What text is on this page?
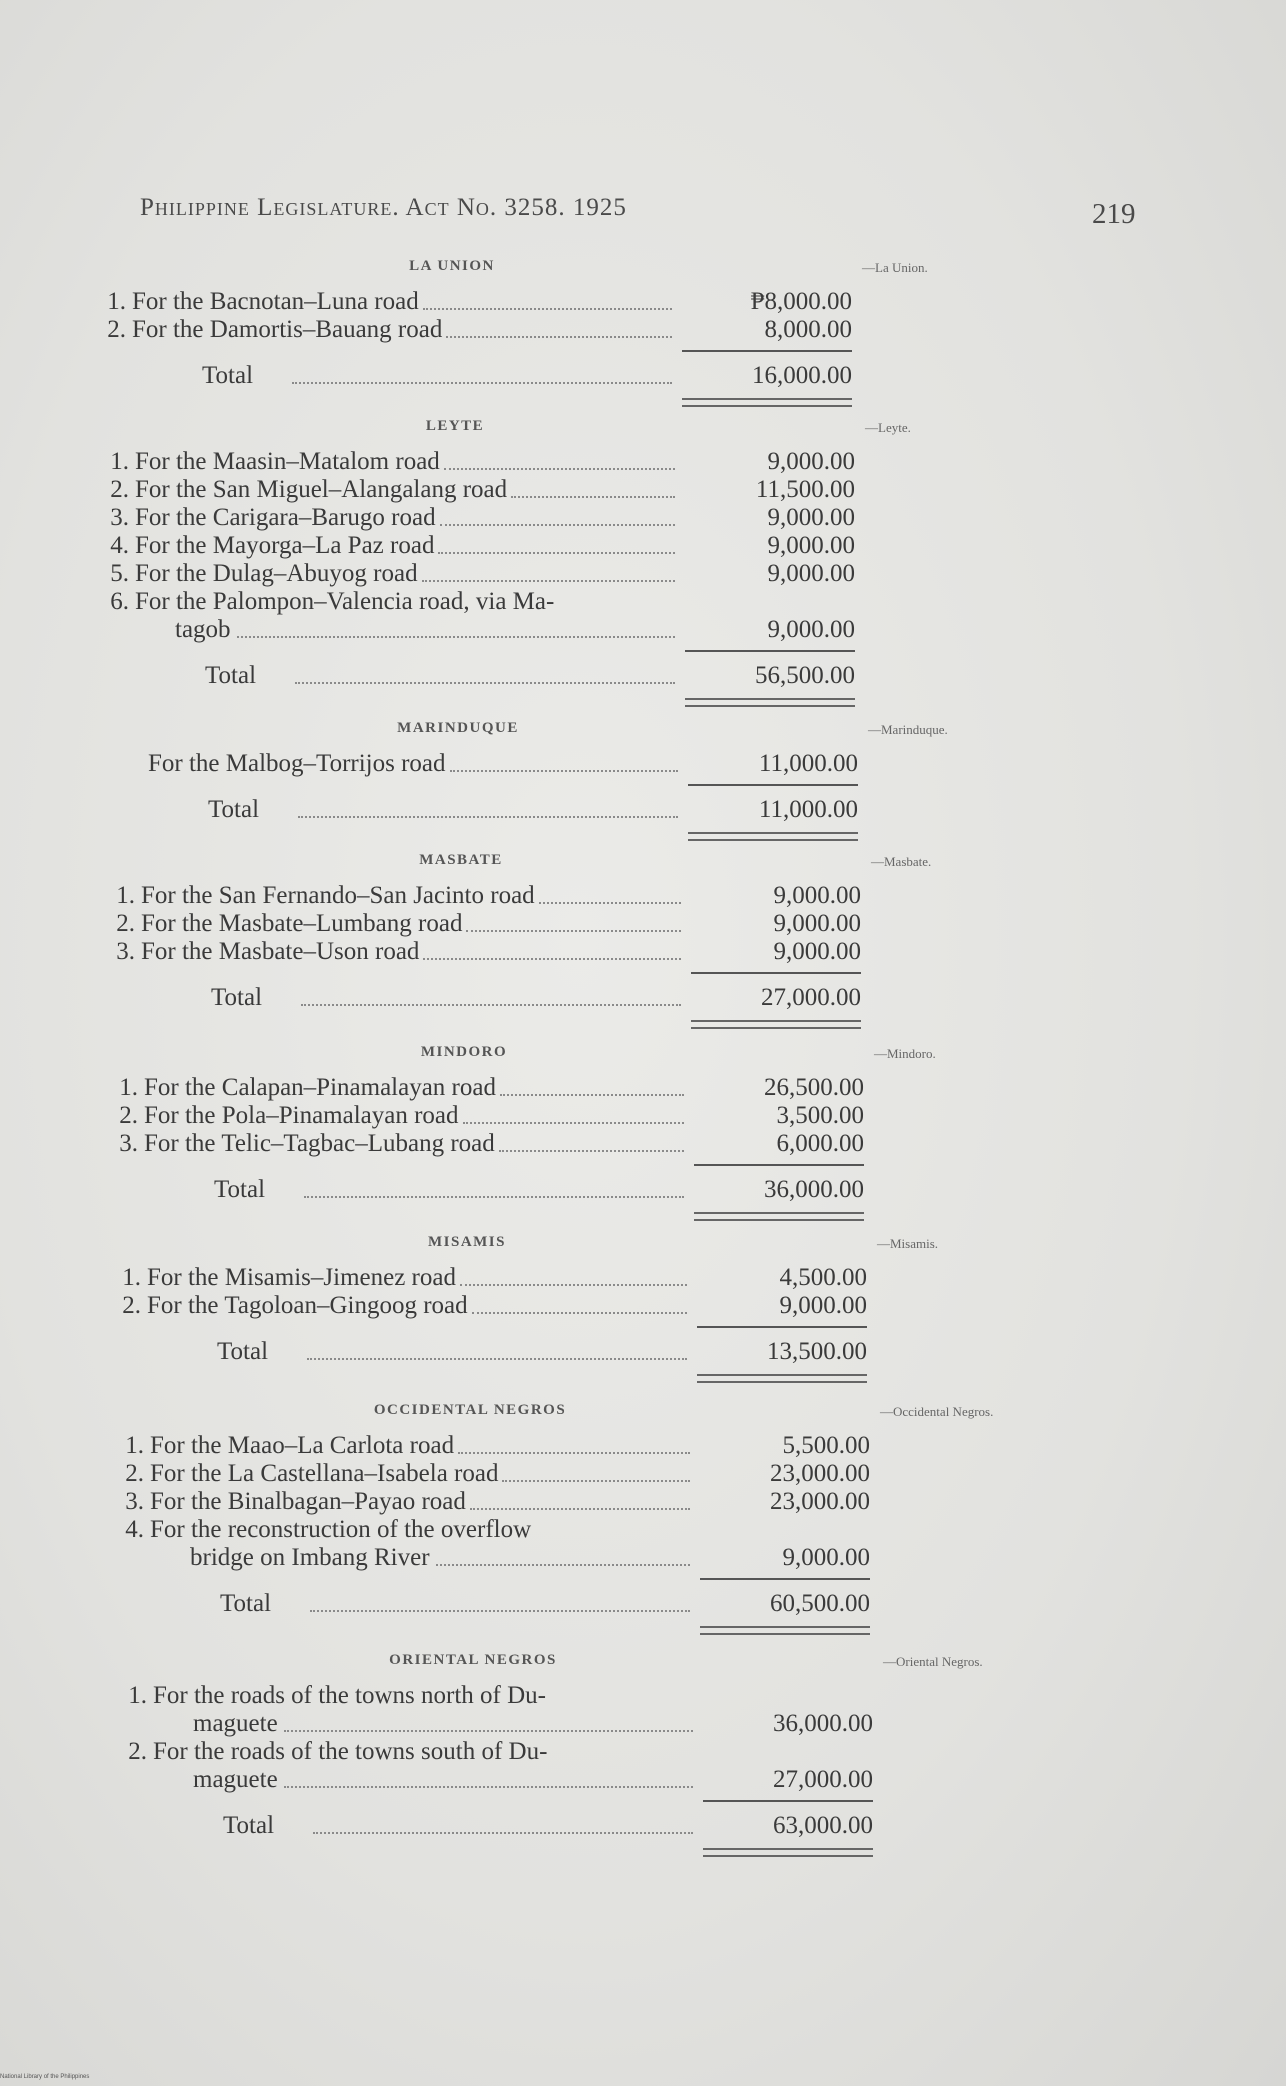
Philippine Legislature. Act No. 3258. 1925	219
LA UNION	—La Union.
1. For the Bacnotan–Luna road	₱8,000.00
2. For the Damortis–Bauang road	8,000.00
Total	16,000.00
LEYTE	—Leyte.
1. For the Maasin–Matalom road	9,000.00
2. For the San Miguel–Alangalang road	11,500.00
3. For the Carigara–Barugo road	9,000.00
4. For the Mayorga–La Paz road	9,000.00
5. For the Dulag–Abuyog road	9,000.00
6. For the Palompon–Valencia road, via Ma-
tagob	9,000.00
Total	56,500.00
MARINDUQUE	—Marinduque.
For the Malbog–Torrijos road	11,000.00
Total	11,000.00
MASBATE	—Masbate.
1. For the San Fernando–San Jacinto road	9,000.00
2. For the Masbate–Lumbang road	9,000.00
3. For the Masbate–Uson road	9,000.00
Total	27,000.00
MINDORO	—Mindoro.
1. For the Calapan–Pinamalayan road	26,500.00
2. For the Pola–Pinamalayan road	3,500.00
3. For the Telic–Tagbac–Lubang road	6,000.00
Total	36,000.00
MISAMIS	—Misamis.
1. For the Misamis–Jimenez road	4,500.00
2. For the Tagoloan–Gingoog road	9,000.00
Total	13,500.00
OCCIDENTAL NEGROS	—Occidental Negros.
1. For the Maao–La Carlota road	5,500.00
2. For the La Castellana–Isabela road	23,000.00
3. For the Binalbagan–Payao road	23,000.00
4. For the reconstruction of the overflow
bridge on Imbang River	9,000.00
Total	60,500.00
ORIENTAL NEGROS	—Oriental Negros.
1. For the roads of the towns north of Du-
maguete	36,000.00
2. For the roads of the towns south of Du-
maguete	27,000.00
Total	63,000.00
National Library of the Philippines
